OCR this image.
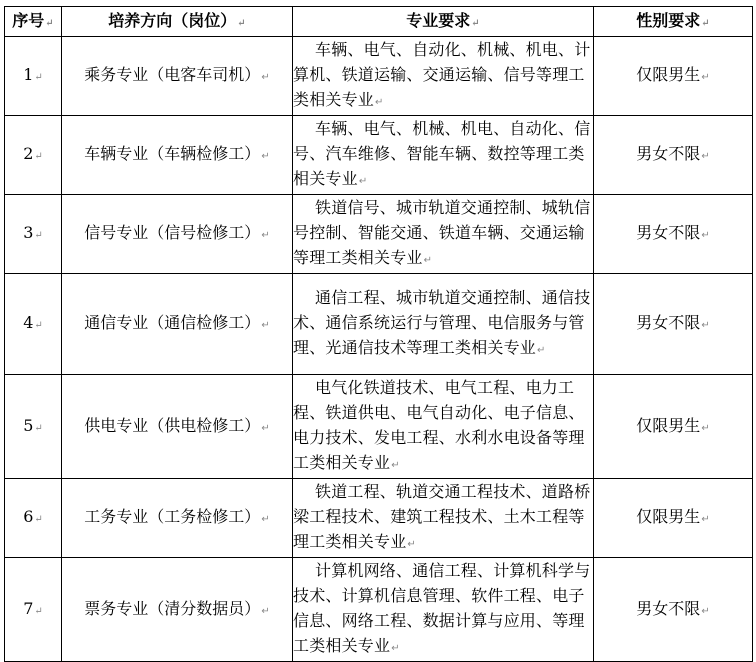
序号↵	培养方向（岗位）↵	专业要求↵	性别要求↵
1↵	乘务专业（电客车司机）↵	车辆、电气、自动化、机械、机电、计算机、铁道运输、交通运输、信号等理工类相关专业↵	仅限男生↵
2↵	车辆专业（车辆检修工）↵	车辆、电气、机械、机电、自动化、信号、汽车维修、智能车辆、数控等理工类相关专业↵	男女不限↵
3↵	信号专业（信号检修工）↵	铁道信号、城市轨道交通控制、城轨信号控制、智能交通、铁道车辆、交通运输等理工类相关专业↵	男女不限↵
4↵	通信专业（通信检修工）↵	通信工程、城市轨道交通控制、通信技术、通信系统运行与管理、电信服务与管理、光通信技术等理工类相关专业↵	男女不限↵
5↵	供电专业（供电检修工）↵	电气化铁道技术、电气工程、电力工程、铁道供电、电气自动化、电子信息、电力技术、发电工程、水利水电设备等理工类相关专业↵	仅限男生↵
6↵	工务专业（工务检修工）↵	铁道工程、轨道交通工程技术、道路桥梁工程技术、建筑工程技术、土木工程等理工类相关专业↵	仅限男生↵
7↵	票务专业（清分数据员）↵	计算机网络、通信工程、计算机科学与技术、计算机信息管理、软件工程、电子信息、网络工程、数据计算与应用、等理工类相关专业↵	男女不限↵
